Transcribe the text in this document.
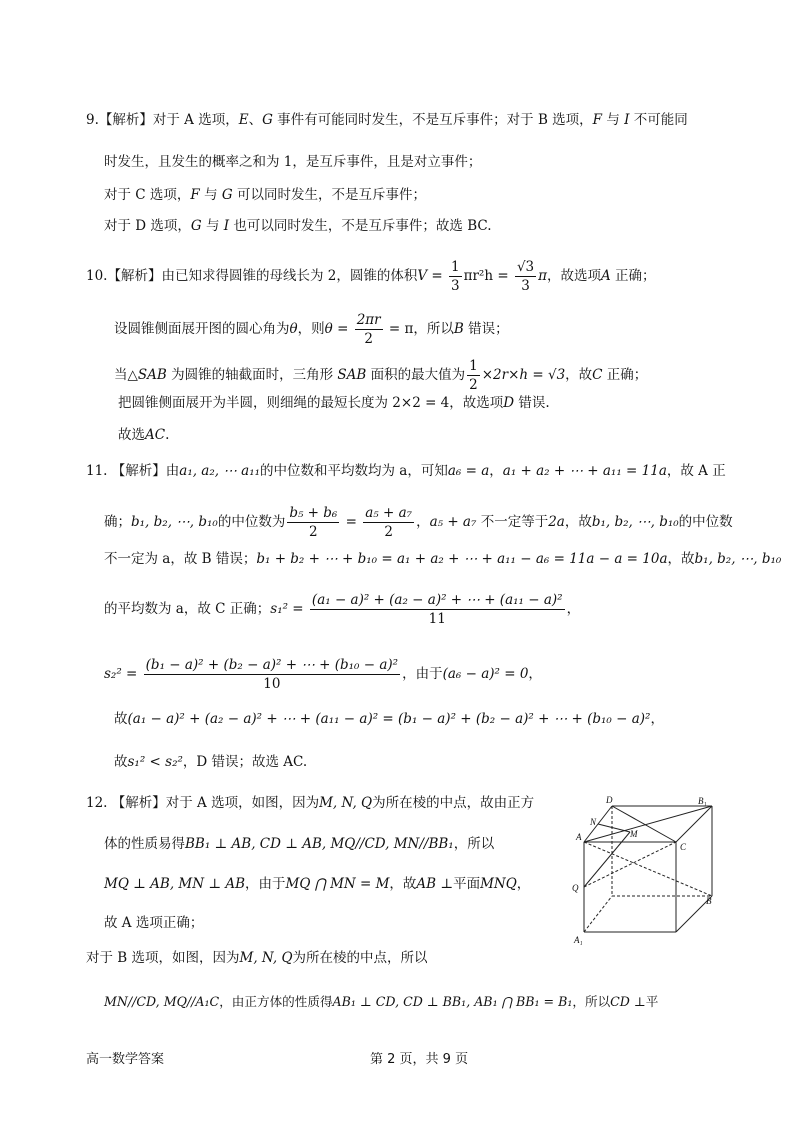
9.【解析】对于 A 选项，E、G 事件有可能同时发生，不是互斥事件；对于 B 选项，F 与 I 不可能同
时发生，且发生的概率之和为 1，是互斥事件，且是对立事件；
对于 C 选项，F 与 G 可以同时发生，不是互斥事件；
对于 D 选项，G 与 I 也可以同时发生，不是互斥事件；故选 BC.
10.【解析】由已知求得圆锥的母线长为 2，圆锥的体积$V = \frac{1}{3} \pi r^2h = \frac{√3}{3}$ π，故选项A 正确；
设圆锥侧面展开图的圆心角为θ，则$\theta = \frac{2\pi r}{2} = \pi$，所以B 错误；
当△SAB 为圆锥的轴截面时，三角形 SAB 面积的最大值为 $\frac{1}{2} \times 2r\times h = √3$，故C 正确；
把圆锥侧面展开为半圆，则细绳的最短长度为 2×2 = 4，故选项D 错误.
故选AC.
11. 【解析】由a₁, a₂, ⋯ a₁₁的中位数和平均数均为 a，可知a₆ = a，a₁ + a₂ + ⋯ + a₁₁ = 11a，故 A 正
确；b₁, b₂, ⋯, b₁₀的中位数为 $\frac{\text{b₅ + b₆}}{2} = \frac{\text{a₅ + a₇}}{2}$ ，a₅ + a₇ 不一定等于2a，故b₁, b₂, ⋯, b₁₀的中位数
不一定为 a，故 B 错误；b₁ + b₂ + ⋯ + b₁₀ = a₁ + a₂ + ⋯ + a₁₁ − a₆ = 11a − a = 10a，故b₁, b₂, ⋯, b₁₀
的平均数为 a，故 C 正确；$s_1^2 = \frac{\text{(a₁ − a)² + (a₂ − a)² + ⋯ + (a₁₁ − a)²}}{11}$ ，
$s_2^2 = \frac{\text{(b₁ − a)² + (b₂ − a)² + ⋯ + (b₁₀ − a)²}}{10}$ ，由于(a₆ − a)² = 0，
故(a₁ − a)² + (a₂ − a)² + ⋯ + (a₁₁ − a)² = (b₁ − a)² + (b₂ − a)² + ⋯ + (b₁₀ − a)²，
故s₁² < s₂²，D 错误；故选 AC.
12. 【解析】对于 A 选项，如图，因为M, N, Q为所在棱的中点，故由正方
体的性质易得BB₁ ⊥ AB, CD ⊥ AB, MQ//CD, MN//BB₁，所以
MQ ⊥ AB, MN ⊥ AB，由于MQ ⋂ MN = M，故AB ⊥平面MNQ，
故 A 选项正确；
对于 B 选项，如图，因为M, N, Q为所在棱的中点，所以
MN//CD, MQ//A₁C，由正方体的性质得AB₁ ⊥ CD, CD ⊥ BB₁, AB₁ ⋂ BB₁ = B₁，所以CD ⊥平
D	B₁
N
A	M
C
Q
B
A₁
高一数学答案	第 2 页，共 9 页
